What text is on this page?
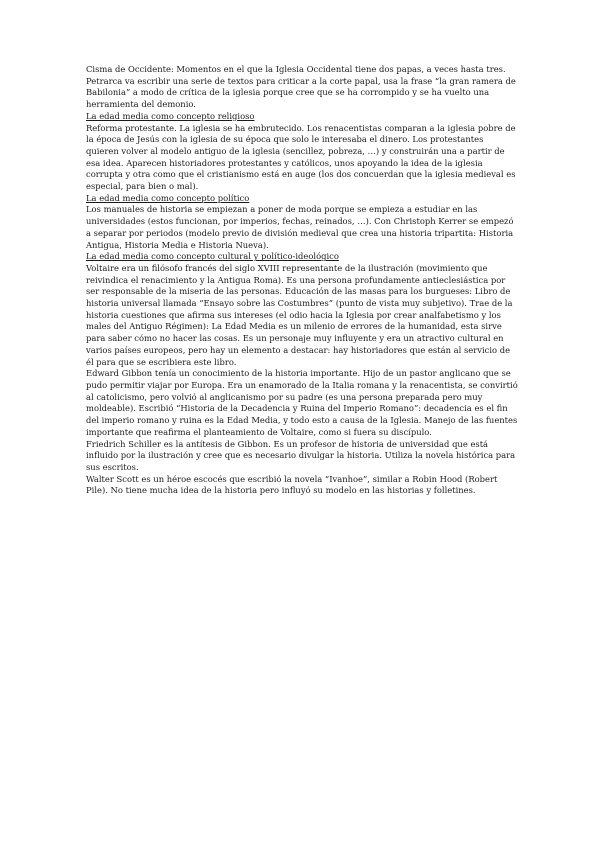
Cisma de Occidente: Momentos en el que la Iglesia Occidental tiene dos papas, a veces hasta tres. Petrarca va escribir una serie de textos para criticar a la corte papal, usa la frase “la gran ramera de Babilonia” a modo de crítica de la iglesia porque cree que se ha corrompido y se ha vuelto una herramienta del demonio.

La edad media como concepto religioso

Reforma protestante. La iglesia se ha embrutecido. Los renacentistas comparan a la iglesia pobre de la época de Jesús con la iglesia de su época que solo le interesaba el dinero. Los protestantes quieren volver al modelo antiguo de la iglesia (sencillez, pobreza, …) y construirán una a partir de esa idea. Aparecen historiadores protestantes y católicos, unos apoyando la idea de la iglesia corrupta y otra como que el cristianismo está en auge (los dos concuerdan que la iglesia medieval es especial, para bien o mal).

La edad media como concepto político

Los manuales de historia se empiezan a poner de moda porque se empieza a estudiar en las universidades (estos funcionan, por imperios, fechas, reinados, …). Con Christoph Kerrer se empezó a separar por periodos (modelo previo de división medieval que crea una historia tripartita: Historia Antigua, Historia Media e Historia Nueva).

La edad media como concepto cultural y político-ideológico

Voltaire era un filósofo francés del siglo XVIII representante de la ilustración (movimiento que reivindica el renacimiento y la Antigua Roma). Es una persona profundamente antieclesiástica por ser responsable de la miseria de las personas. Educación de las masas para los burgueses: Libro de historia universal llamada “Ensayo sobre las Costumbres” (punto de vista muy subjetivo). Trae de la historia cuestiones que afirma sus intereses (el odio hacia la Iglesia por crear analfabetismo y los males del Antiguo Régimen): La Edad Media es un milenio de errores de la humanidad, esta sirve para saber cómo no hacer las cosas. Es un personaje muy influyente y era un atractivo cultural en varios países europeos, pero hay un elemento a destacar: hay historiadores que están al servicio de él para que se escribiera este libro.

Edward Gibbon tenía un conocimiento de la historia importante. Hijo de un pastor anglicano que se pudo permitir viajar por Europa. Era un enamorado de la Italia romana y la renacentista, se convirtió al catolicismo, pero volvió al anglicanismo por su padre (es una persona preparada pero muy moldeable). Escribió “Historia de la Decadencia y Ruina del Imperio Romano”: decadencia es el fin del imperio romano y ruina es la Edad Media, y todo esto a causa de la Iglesia. Manejo de las fuentes importante que reafirma el planteamiento de Voltaire, como si fuera su discípulo.

Friedrich Schiller es la antítesis de Gibbon. Es un profesor de historia de universidad que está influido por la ilustración y cree que es necesario divulgar la historia. Utiliza la novela histórica para sus escritos.

Walter Scott es un héroe escocés que escribió la novela “Ivanhoe”, similar a Robin Hood (Robert Pile). No tiene mucha idea de la historia pero influyó su modelo en las historias y folletines.
